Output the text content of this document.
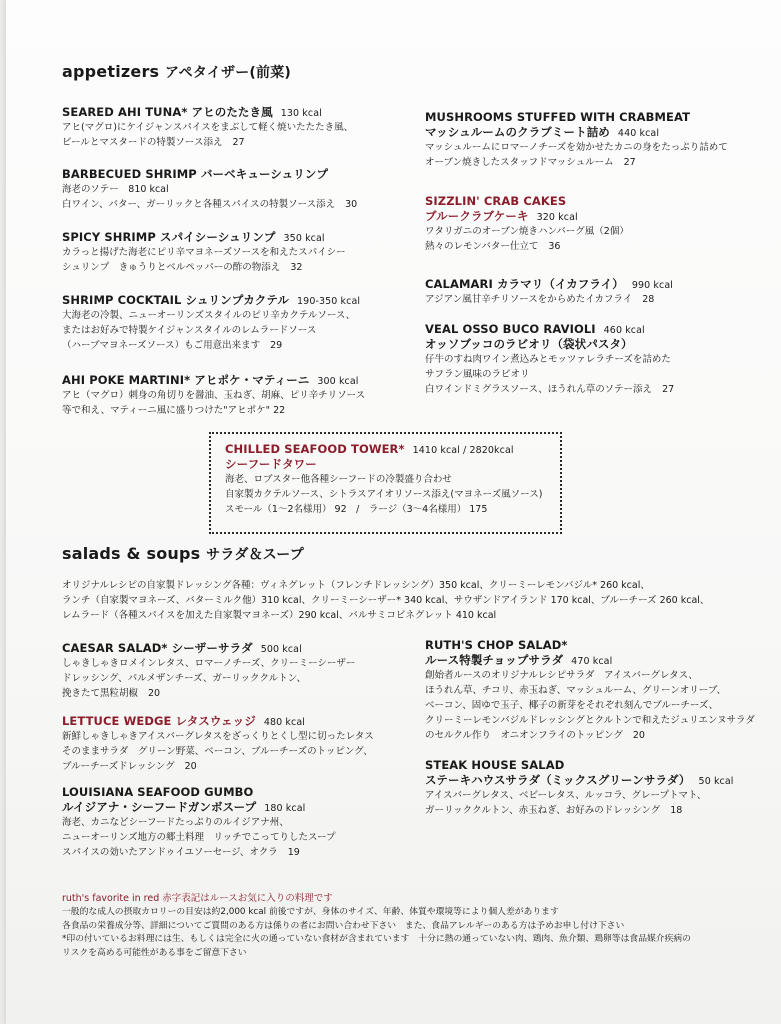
appetizers アペタイザー(前菜)
SEARED AHI TUNA* アヒのたたき風 130 kcal
アヒ(マグロ)にケイジャンスパイスをまぶして軽く焼いたたたき風、
ビールとマスタードの特製ソース添え 27
BARBECUED SHRIMP バーベキューシュリンプ
海老のソテー　810 kcal
白ワイン、バター、ガーリックと各種スパイスの特製ソース添え 30
SPICY SHRIMP スパイシーシュリンプ 350 kcal
カラっと揚げた海老にピリ辛マヨネーズソースを和えたスパイシー
シュリンプ　きゅうりとベルペッパーの酢の物添え 32
SHRIMP COCKTAIL シュリンプカクテル 190-350 kcal
大海老の冷製、ニューオーリンズスタイルのピリ辛カクテルソース、
またはお好みで特製ケイジャンスタイルのレムラードソース
（ハーブマヨネーズソース）もご用意出来ます 29
AHI POKE MARTINI* アヒポケ・マティーニ 300 kcal
アヒ（マグロ）刺身の角切りを醤油、玉ねぎ、胡麻、ピリ辛チリソース
等で和え、マティーニ風に盛りつけた"アヒポケ" 22
MUSHROOMS STUFFED WITH CRABMEAT
マッシュルームのクラブミート詰め 440 kcal
マッシュルームにロマーノチーズを効かせたカニの身をたっぷり詰めて
オーブン焼きしたスタッフドマッシュルーム 27
SIZZLIN' CRAB CAKES
ブルークラブケーキ 320 kcal
ワタリガニのオーブン焼きハンバーグ風（2個）
熱々のレモンバター仕立て 36
CALAMARI カラマリ（イカフライ） 990 kcal
アジアン風甘辛チリソースをからめたイカフライ 28
VEAL OSSO BUCO RAVIOLI 460 kcal
オッソブッコのラビオリ（袋状パスタ）
仔牛のすね肉ワイン煮込みとモッツァレラチーズを詰めた
サフラン風味のラビオリ
白ワインドミグラスソース、ほうれん草のソテー添え 27
CHILLED SEAFOOD TOWER* 1410 kcal / 2820kcal
シーフードタワー
海老、ロブスター他各種シーフードの冷製盛り合わせ
自家製カクテルソース、シトラスアイオリソース添え(マヨネーズ風ソース)
スモール（1～2名様用） 92　/　ラージ（3～4名様用） 175
salads & soups サラダ＆スープ
オリジナルレシピの自家製ドレッシング各種：ヴィネグレット（フレンチドレッシング）350 kcal、クリーミーレモンバジル* 260 kcal、
ランチ（自家製マヨネーズ、バターミルク他）310 kcal、クリーミーシーザー* 340 kcal、サウザンドアイランド 170 kcal、ブルーチーズ 260 kcal、
レムラード（各種スパイスを加えた自家製マヨネーズ）290 kcal、バルサミコビネグレット 410 kcal
CAESAR SALAD* シーザーサラダ 500 kcal
しゃきしゃきロメインレタス、ロマーノチーズ、クリーミーシーザー
ドレッシング、パルメザンチーズ、ガーリッククルトン、
挽きたて黒粒胡椒 20
LETTUCE WEDGE レタスウェッジ 480 kcal
新鮮しゃきしゃきアイスバーグレタスをざっくりとくし型に切ったレタス
そのままサラダ　グリーン野菜、ベーコン、ブルーチーズのトッピング、
ブルーチーズドレッシング 20
LOUISIANA SEAFOOD GUMBO
ルイジアナ・シーフードガンボスープ 180 kcal
海老、カニなどシーフードたっぷりのルイジアナ州、
ニューオーリンズ地方の郷土料理　リッチでこってりしたスープ
スパイスの効いたアンドゥイユソーセージ、オクラ 19
RUTH'S CHOP SALAD*
ルース特製チョップサラダ 470 kcal
創始者ルースのオリジナルレシピサラダ　アイスバーグレタス、
ほうれん草、チコリ、赤玉ねぎ、マッシュルーム、グリーンオリーブ、
ベーコン、固ゆで玉子、椰子の新芽をそれぞれ刻んでブルーチーズ、
クリーミーレモンバジルドレッシングとクルトンで和えたジュリエンヌサラダ
のセルクル作り　オニオンフライのトッピング 20
STEAK HOUSE SALAD
ステーキハウスサラダ（ミックスグリーンサラダ） 50 kcal
アイスバーグレタス、ベビーレタス、ルッコラ、グレープトマト、
ガーリッククルトン、赤玉ねぎ、お好みのドレッシング 18
ruth's favorite in red 赤字表記はルースお気に入りの料理です
一般的な成人の摂取カロリーの目安は約2,000 kcal 前後ですが、身体のサイズ、年齢、体質や環境等により個人差があります
各食品の栄養成分等、詳細についてご質問のある方は係りの者にお問い合わせ下さい　また、食品アレルギーのある方は予めお申し付け下さい
*印の付いているお料理には生、もしくは完全に火の通っていない食材が含まれています　十分に熱の通っていない肉、鶏肉、魚介類、鶏卵等は食品媒介疾病の
リスクを高める可能性がある事をご留意下さい
